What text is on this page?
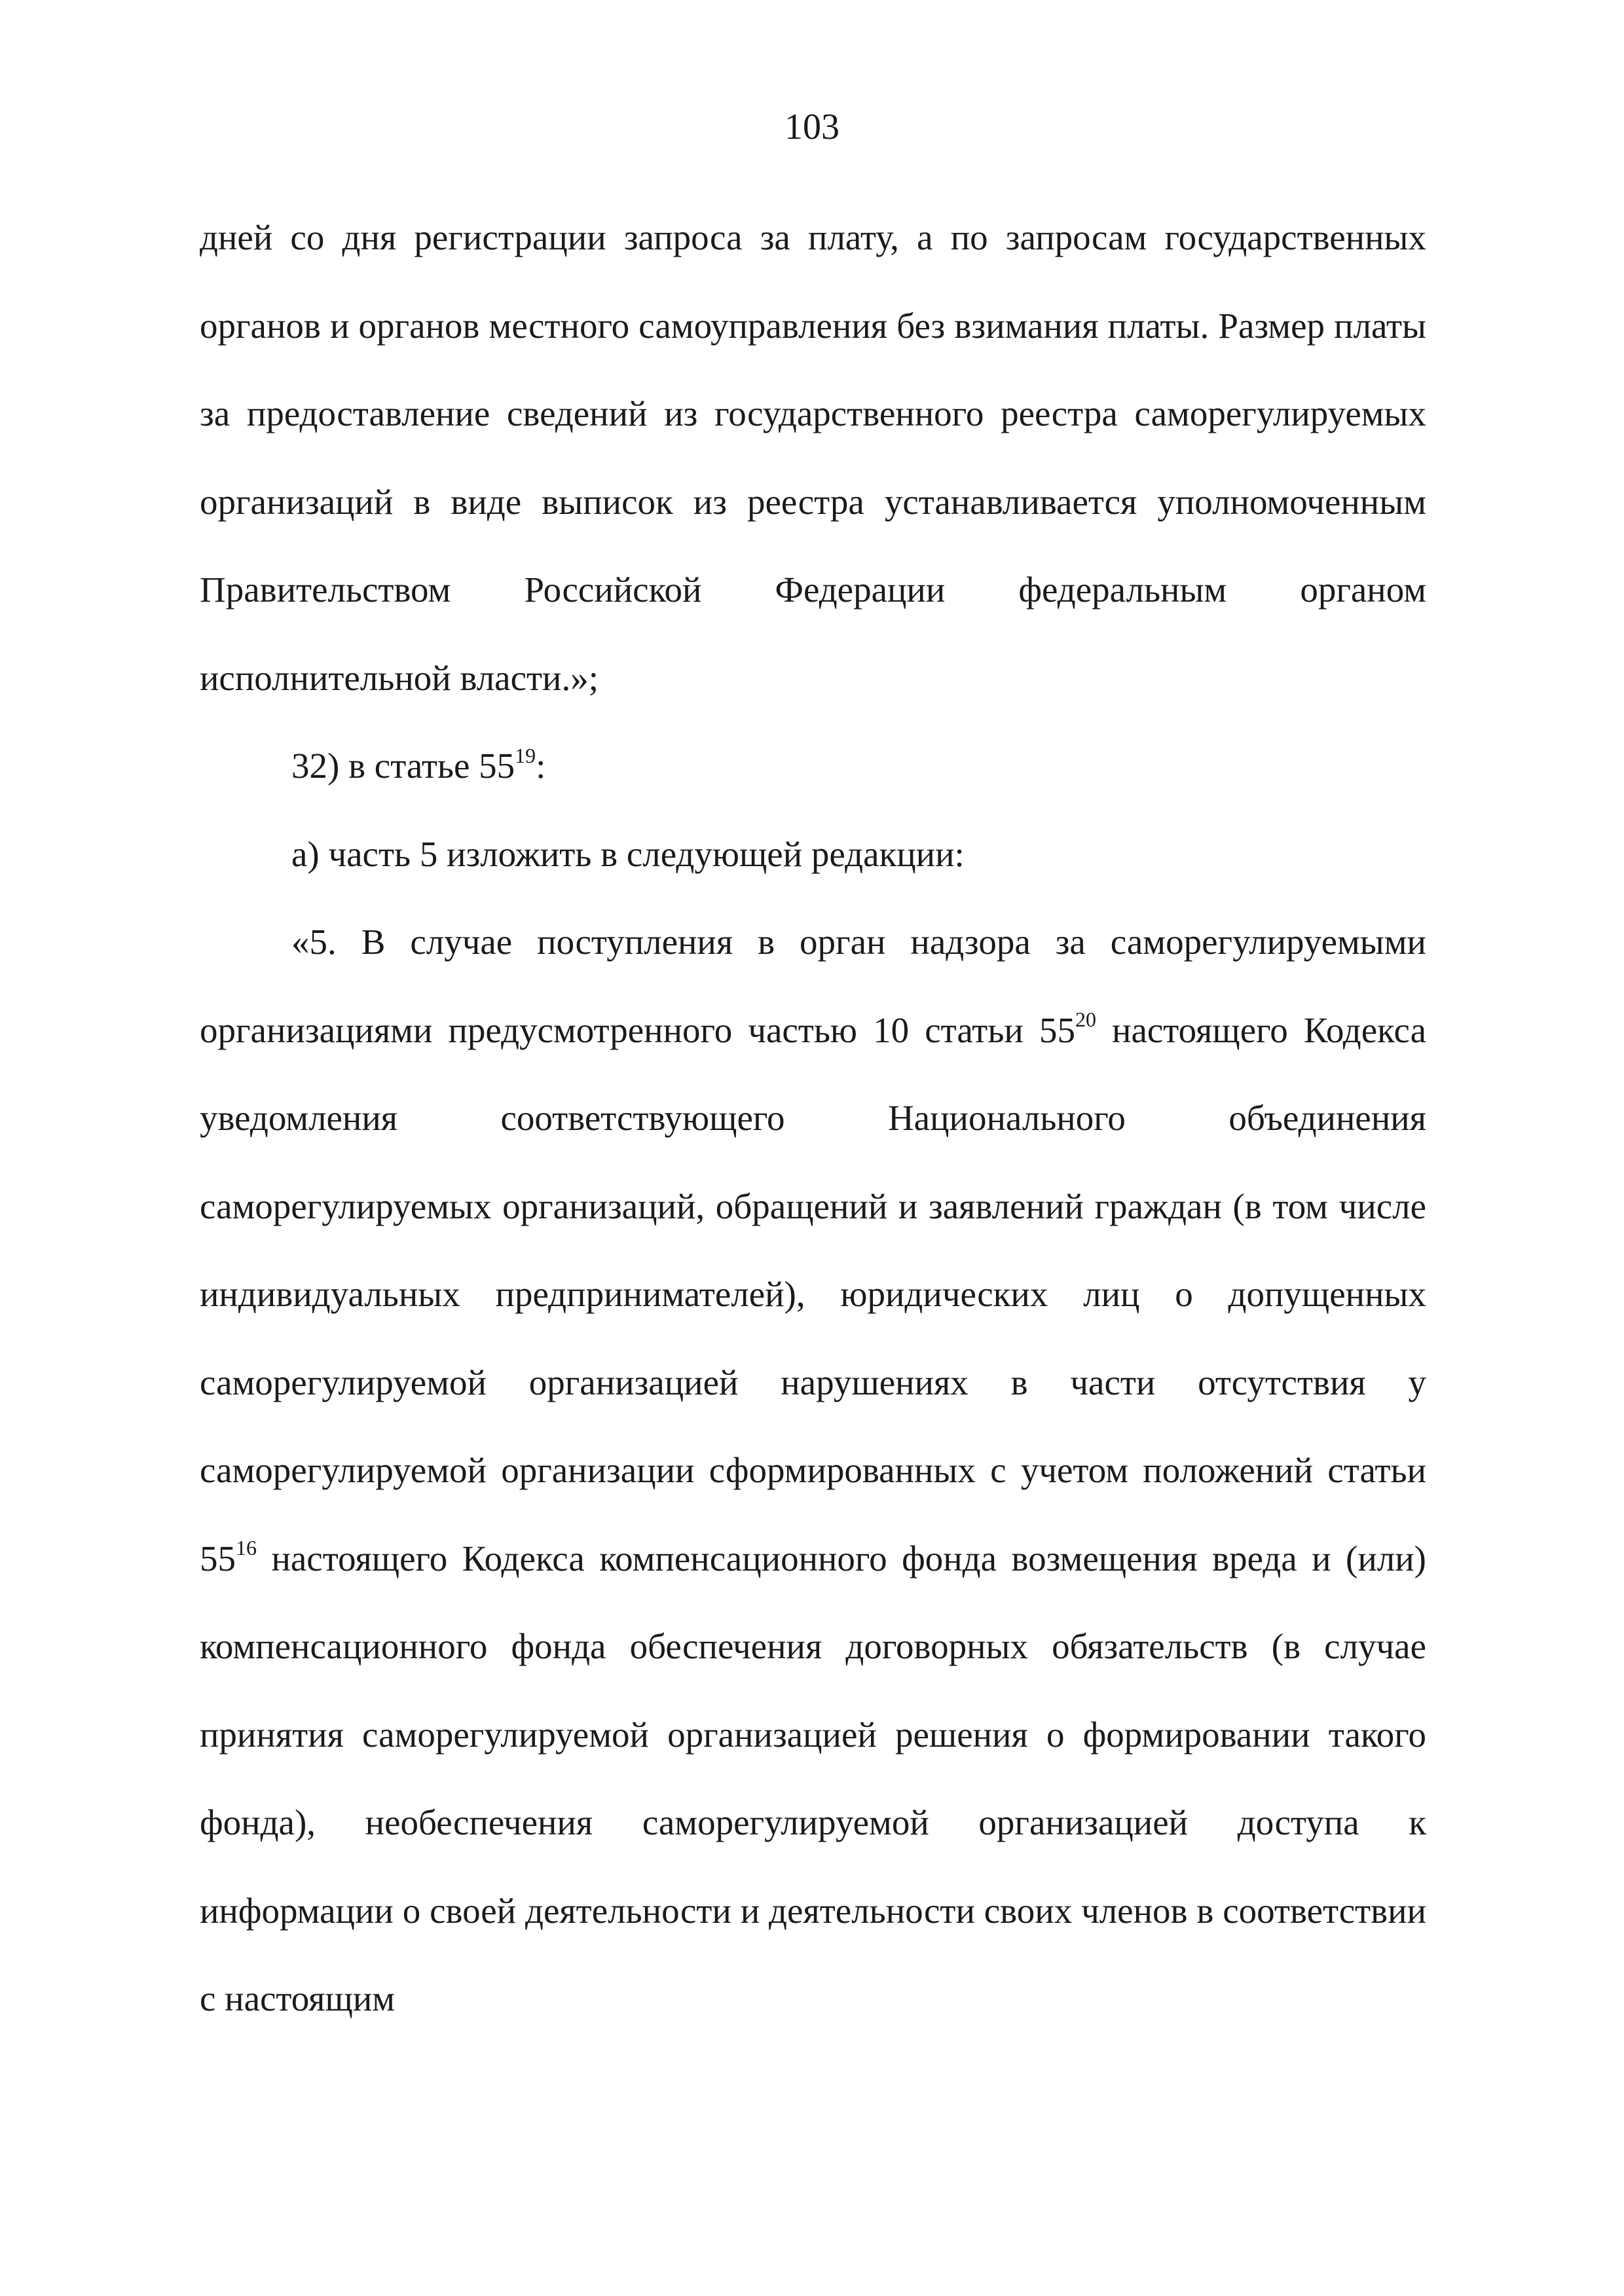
103

дней со дня регистрации запроса за плату, а по запросам государственных органов и органов местного самоуправления без взимания платы. Размер платы за предоставление сведений из государственного реестра саморегулируемых организаций в виде выписок из реестра устанавливается уполномоченным Правительством Российской Федерации федеральным органом исполнительной власти.»;

32) в статье $55^{19}$:

а) часть 5 изложить в следующей редакции:

«5. В случае поступления в орган надзора за саморегулируемыми организациями предусмотренного частью 10 статьи $55^{20}$ настоящего Кодекса уведомления соответствующего Национального объединения саморегулируемых организаций, обращений и заявлений граждан (в том числе индивидуальных предпринимателей), юридических лиц о допущенных саморегулируемой организацией нарушениях в части отсутствия у саморегулируемой организации сформированных с учетом положений статьи $55^{16}$ настоящего Кодекса компенсационного фонда возмещения вреда и (или) компенсационного фонда обеспечения договорных обязательств (в случае принятия саморегулируемой организацией решения о формировании такого фонда), необеспечения саморегулируемой организацией доступа к информации о своей деятельности и деятельности своих членов в соответствии с настоящим
